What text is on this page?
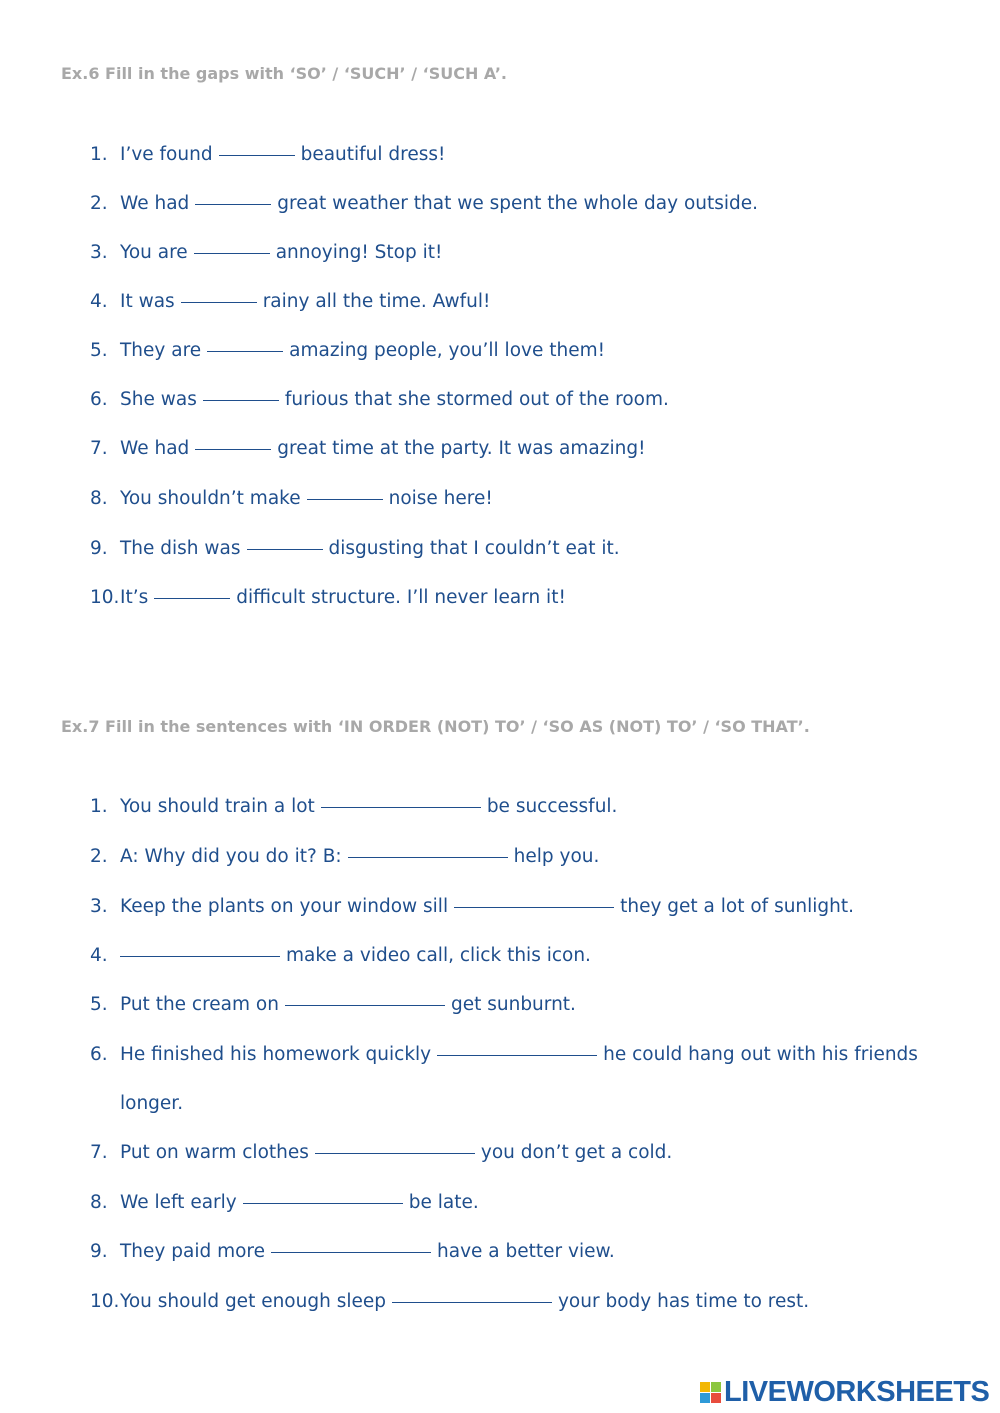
Ex.6 Fill in the gaps with ‘SO’ / ‘SUCH’ / ‘SUCH A’.
1. I’ve found	beautiful dress!
2. We had	great weather that we spent the whole day outside.
3. You are	annoying! Stop it!
4. It was	rainy all the time. Awful!
5. They are	amazing people, you’ll love them!
6. She was	furious that she stormed out of the room.
7. We had	great time at the party. It was amazing!
8. You shouldn’t make	noise here!
9. The dish was	disgusting that I couldn’t eat it.
10.It’s	difficult structure. I’ll never learn it!
Ex.7 Fill in the sentences with ‘IN ORDER (NOT) TO’ / ‘SO AS (NOT) TO’ / ‘SO THAT’.
1. You should train a lot	be successful.
2. A: Why did you do it? B:	help you.
3. Keep the plants on your window sill	they get a lot of sunlight.
4.	make a video call, click this icon.
5. Put the cream on	get sunburnt.
6. He finished his homework quickly	he could hang out with his friends
longer.
7. Put on warm clothes	you don’t get a cold.
8. We left early	be late.
9. They paid more	have a better view.
10.You should get enough sleep	your body has time to rest.
LIVEWORKSHEETS
